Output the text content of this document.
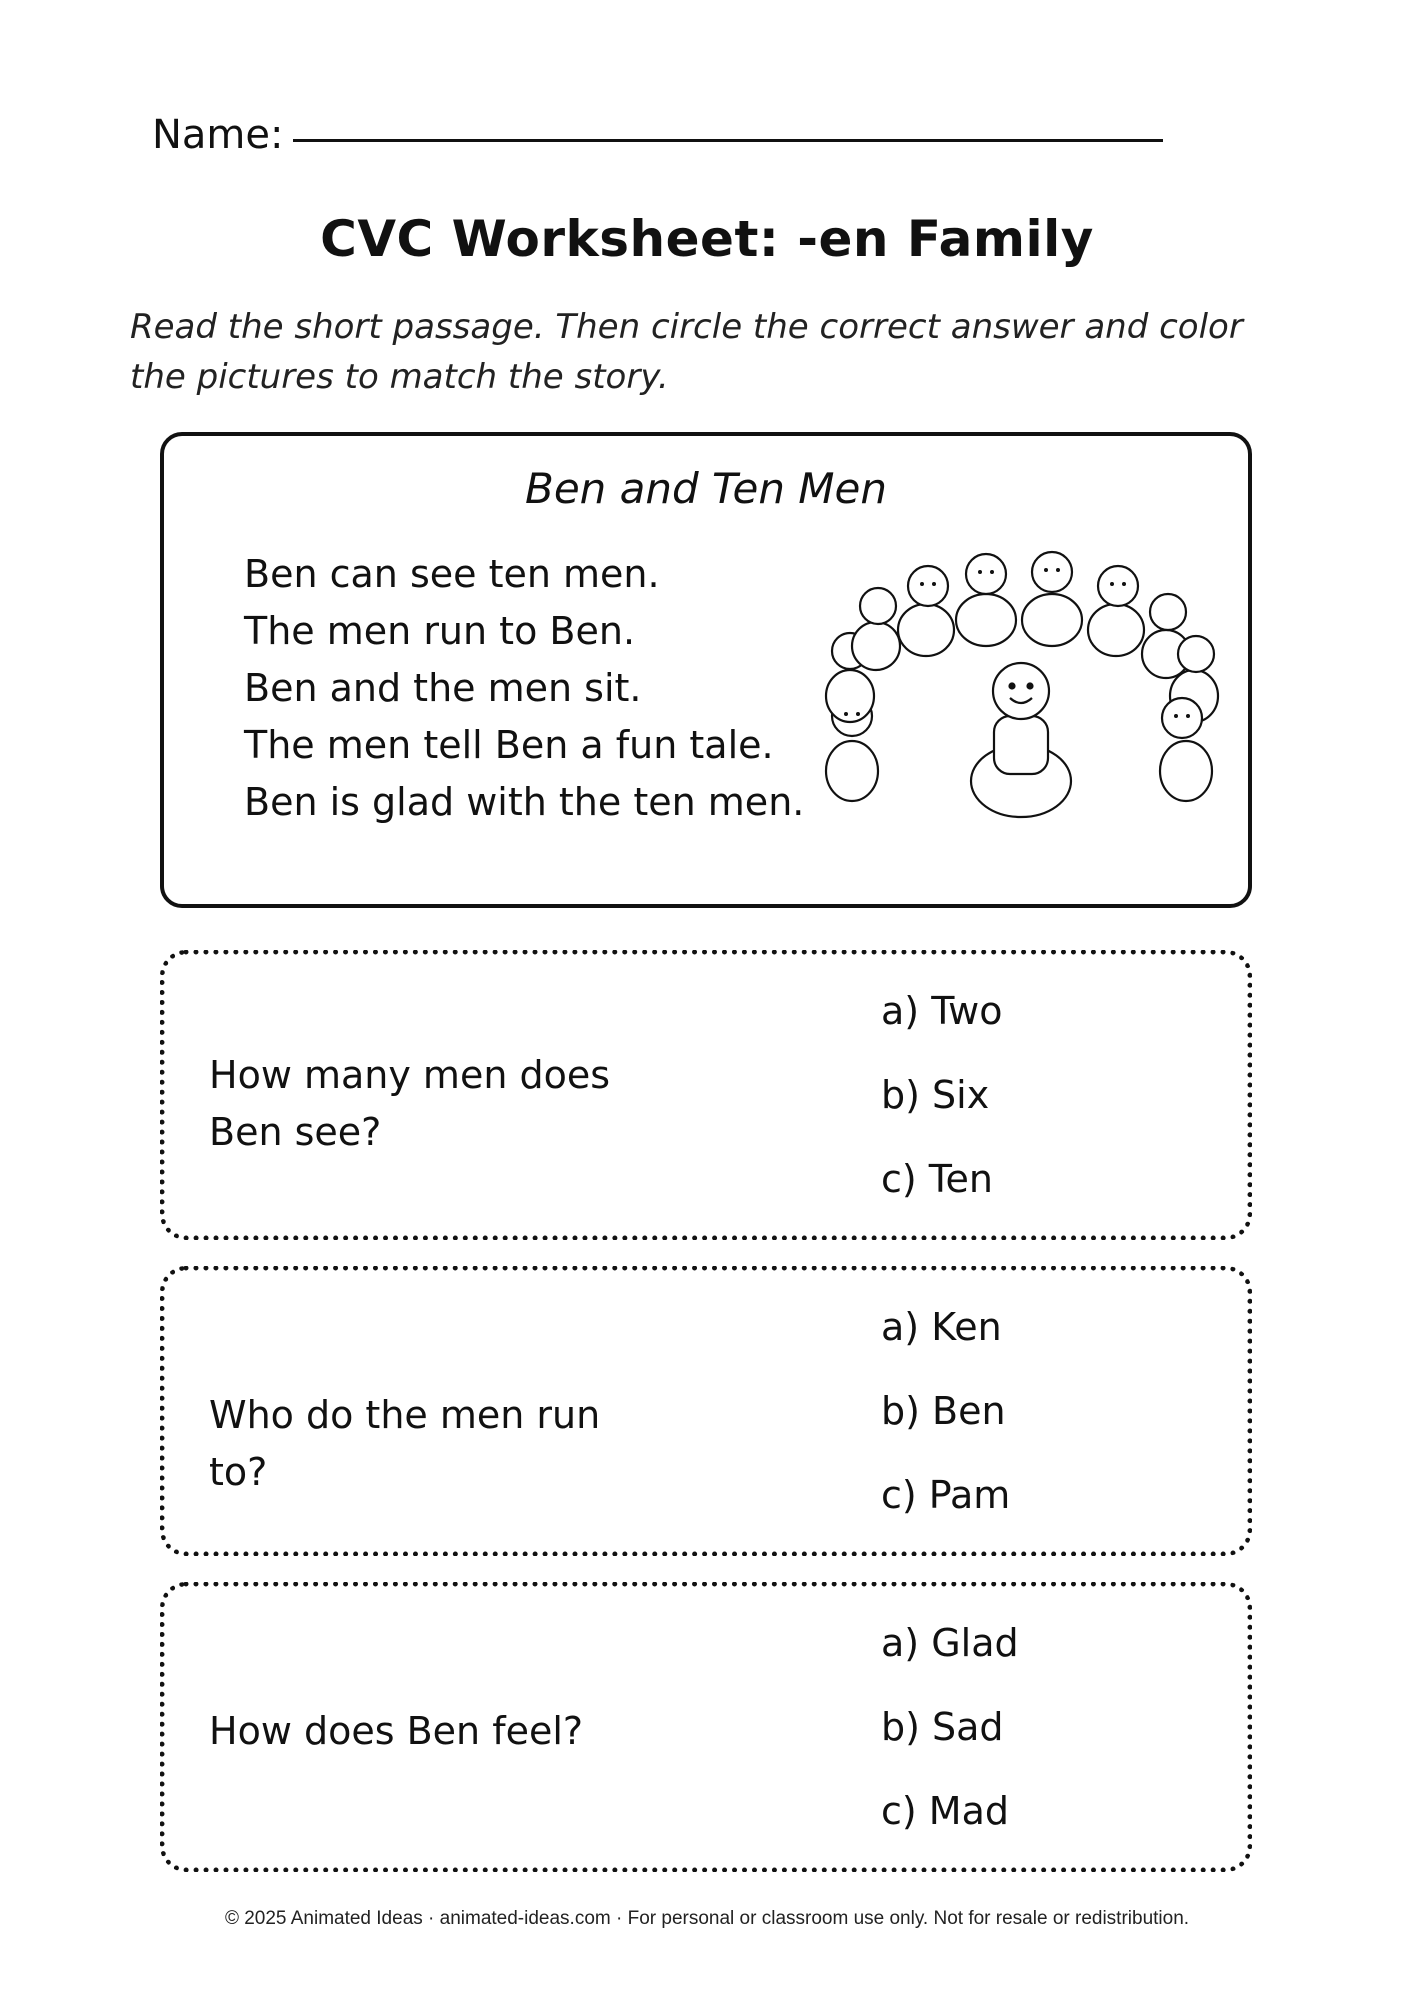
Name:
CVC Worksheet: -en Family
Read the short passage. Then circle the correct answer and color the pictures to match the story.
Ben and Ten Men
Ben can see ten men.
The men run to Ben.
Ben and the men sit.
The men tell Ben a fun tale.
Ben is glad with the ten men.
How many men does Ben see?
a) Two
b) Six
c) Ten
Who do the men run to?
a) Ken
b) Ben
c) Pam
How does Ben feel?
a) Glad
b) Sad
c) Mad
© 2025 Animated Ideas · animated-ideas.com · For personal or classroom use only. Not for resale or redistribution.
